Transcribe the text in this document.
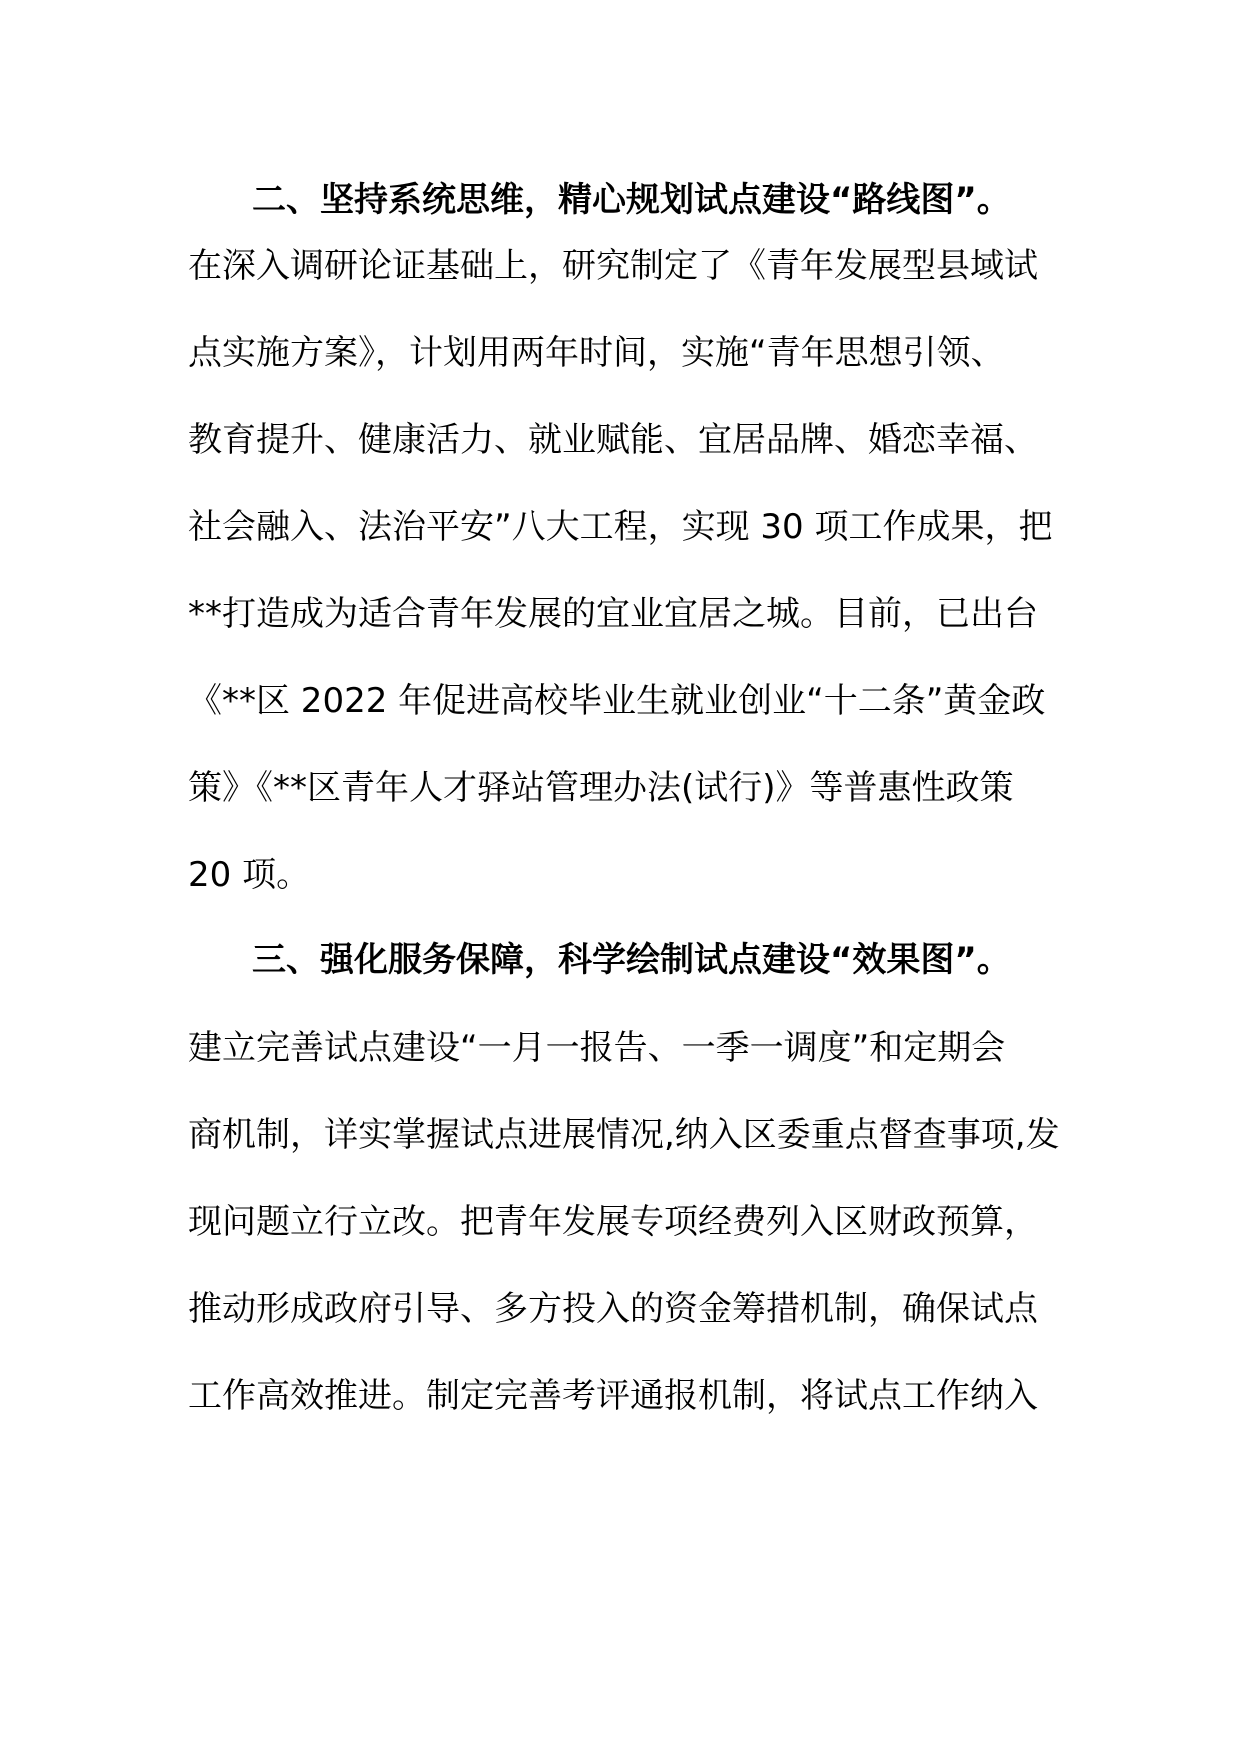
二、坚持系统思维，精心规划试点建设“路线图”。
在深入调研论证基础上，研究制定了《青年发展型县域试
点实施方案》，计划用两年时间，实施“青年思想引领、
教育提升、健康活力、就业赋能、宜居品牌、婚恋幸福、
社会融入、法治平安”八大工程，实现 30 项工作成果，把
**打造成为适合青年发展的宜业宜居之城。目前，已出台
《**区 2022 年促进高校毕业生就业创业“十二条”黄金政
策》《**区青年人才驿站管理办法(试行)》等普惠性政策
20 项。
三、强化服务保障，科学绘制试点建设“效果图”。
建立完善试点建设“一月一报告、一季一调度”和定期会
商机制，详实掌握试点进展情况,纳入区委重点督查事项,发
现问题立行立改。把青年发展专项经费列入区财政预算，
推动形成政府引导、多方投入的资金筹措机制，确保试点
工作高效推进。制定完善考评通报机制，将试点工作纳入
